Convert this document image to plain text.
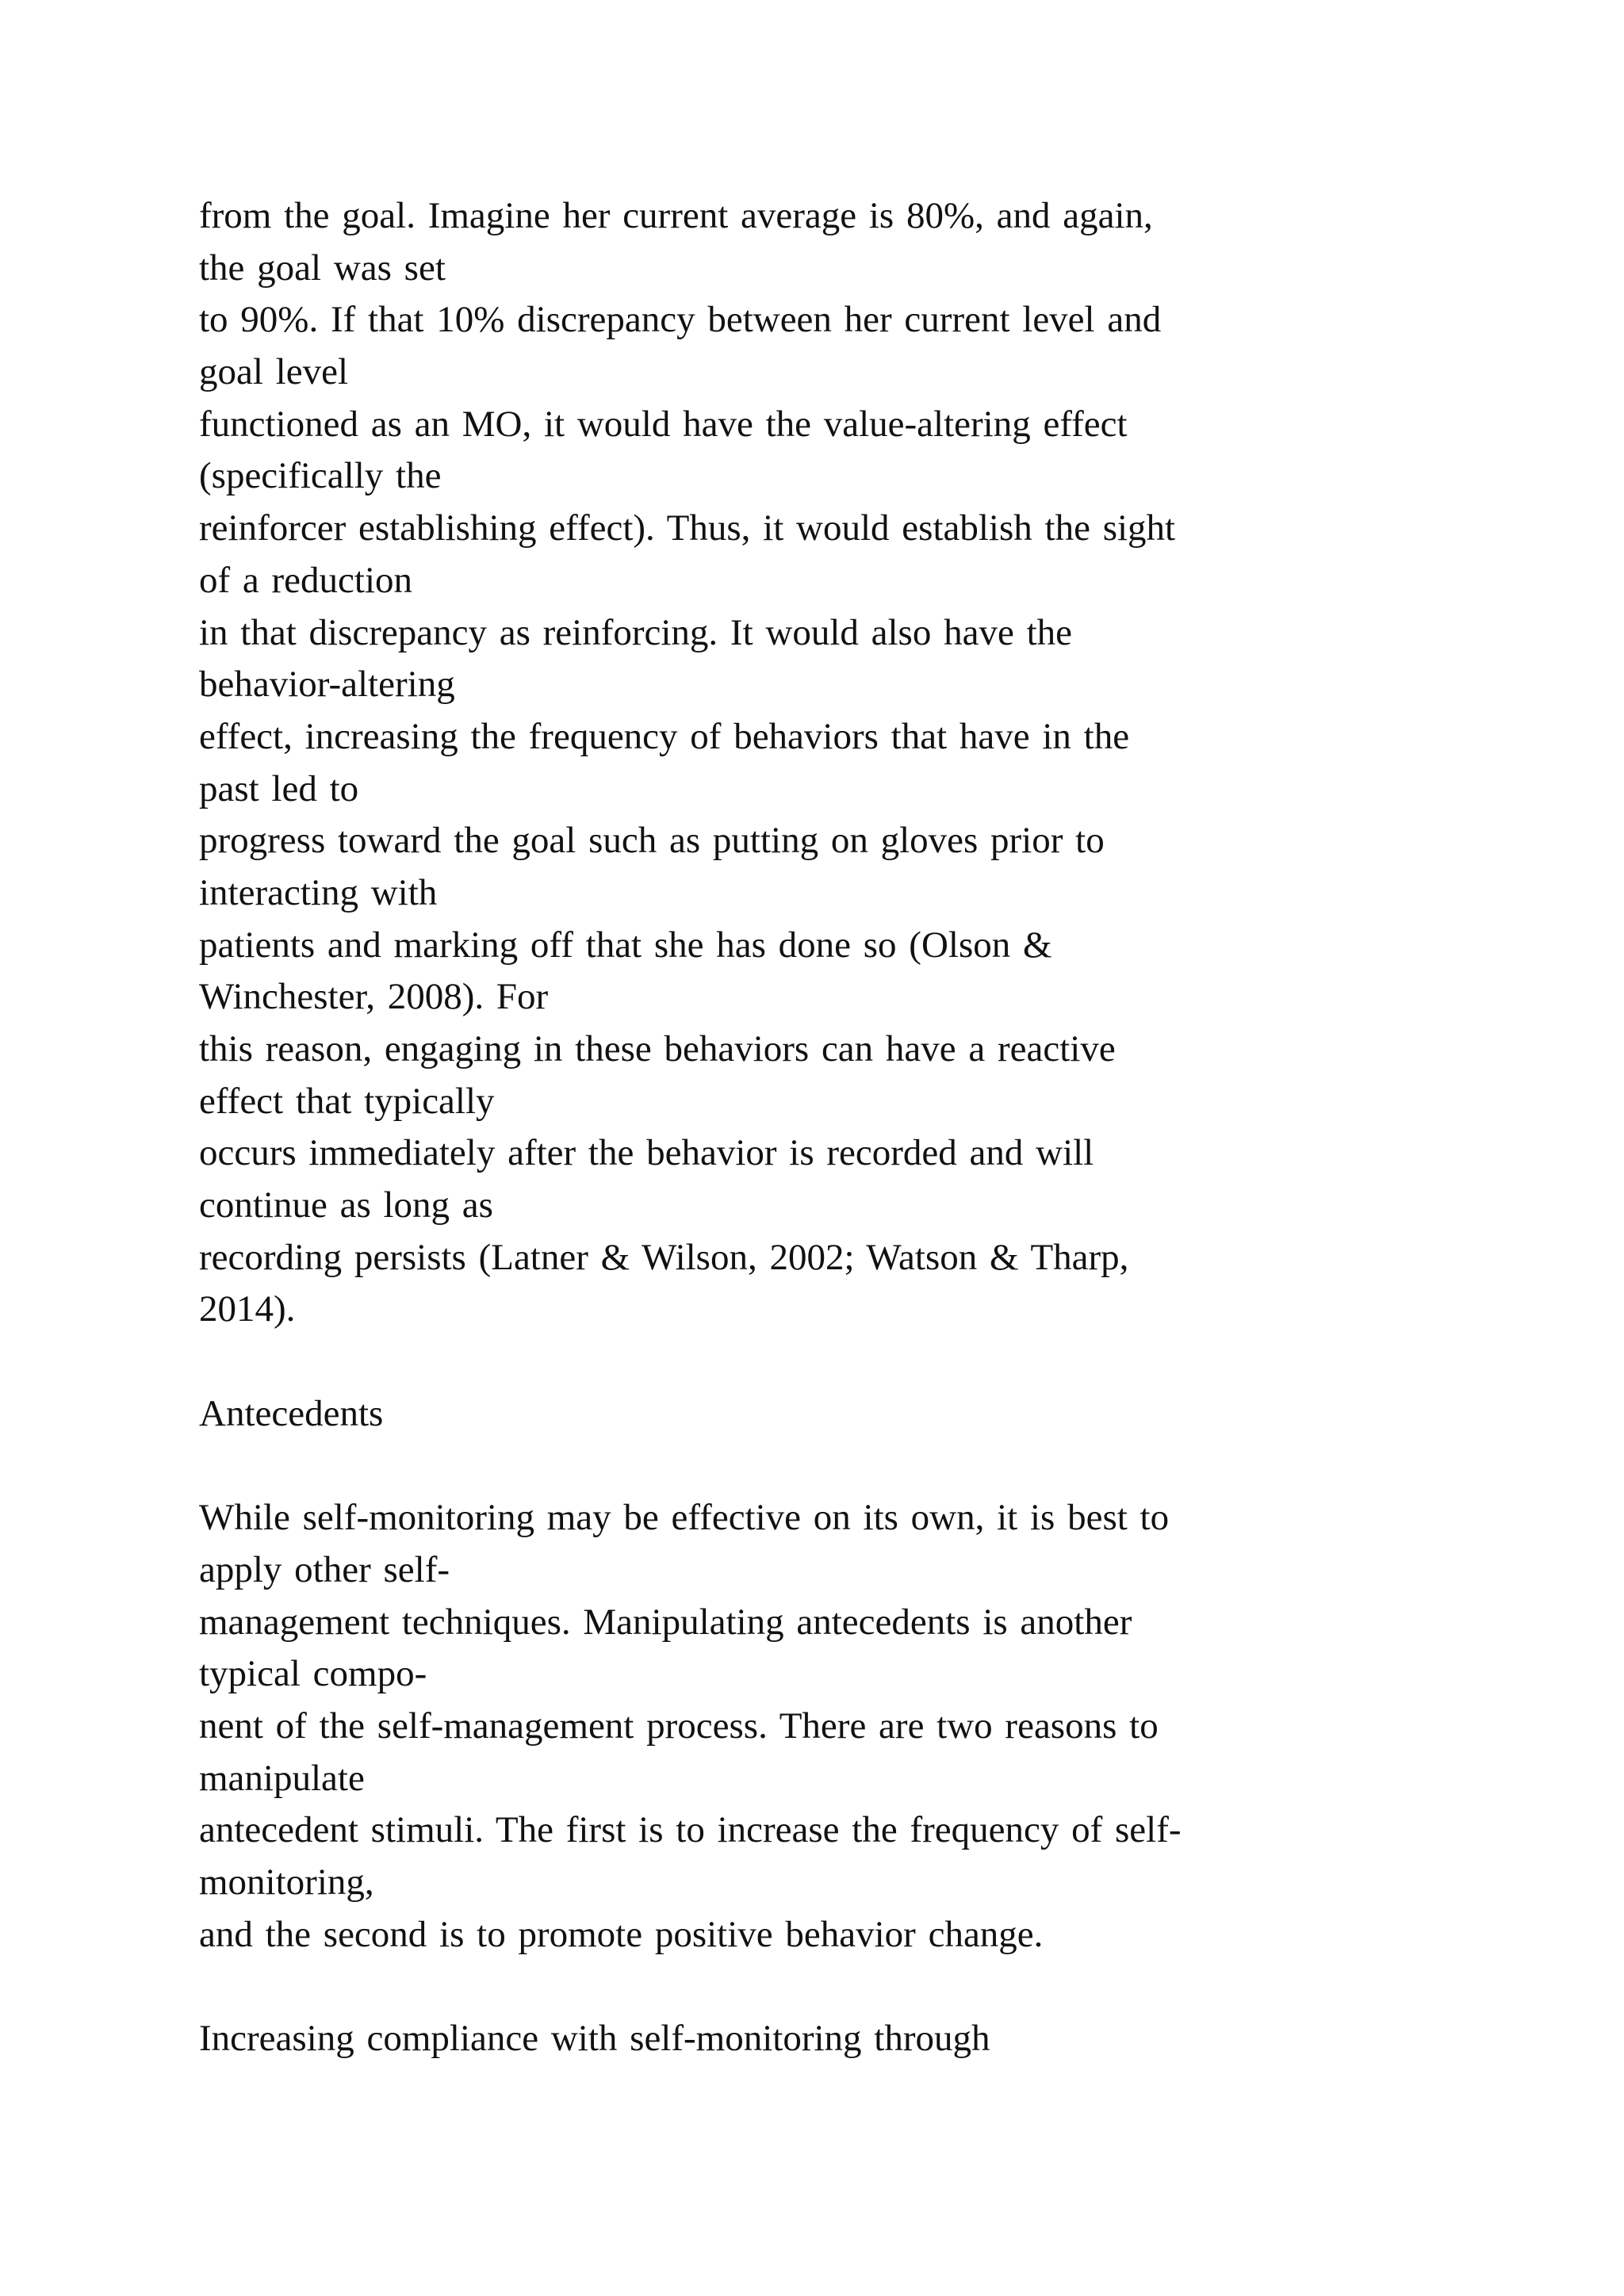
from the goal. Imagine her current average is 80%, and again,
the goal was set
to 90%. If that 10% discrepancy between her current level and
goal level
functioned as an MO, it would have the value-altering effect
(specifically the
reinforcer establishing effect). Thus, it would establish the sight
of a reduction
in that discrepancy as reinforcing. It would also have the
behavior-altering
effect, increasing the frequency of behaviors that have in the
past led to
progress toward the goal such as putting on gloves prior to
interacting with
patients and marking off that she has done so (Olson &
Winchester, 2008). For
this reason, engaging in these behaviors can have a reactive
effect that typically
occurs immediately after the behavior is recorded and will
continue as long as
recording persists (Latner & Wilson, 2002; Watson & Tharp,
2014).
Antecedents
While self-monitoring may be effective on its own, it is best to
apply other self-
management techniques. Manipulating antecedents is another
typical compo-
nent of the self-management process. There are two reasons to
manipulate
antecedent stimuli. The first is to increase the frequency of self-
monitoring,
and the second is to promote positive behavior change.
Increasing compliance with self-monitoring through
